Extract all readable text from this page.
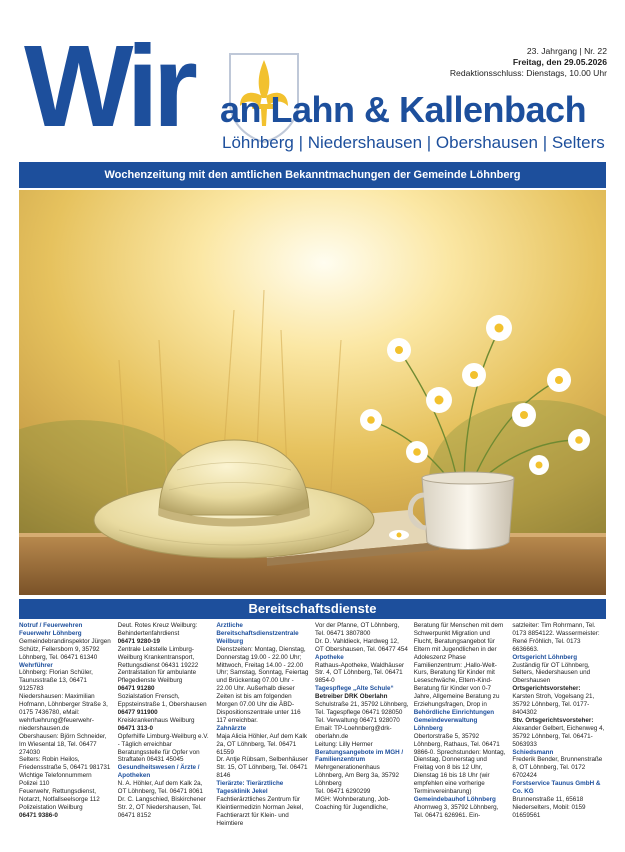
Wir an Lahn & Kallenbach
Löhnberg | Niedershausen | Obershausen | Selters
23. Jahrgang | Nr. 22
Freitag, den 29.05.2026
Redaktionsschluss: Dienstags, 10.00 Uhr
Wochenzeitung mit den amtlichen Bekanntmachungen der Gemeinde Löhnberg
Bereitschaftsdienste

Notruf / Feuerwehren

Feuerwehr Löhnberg

Gemeindebrandinspektor Jürgen Schütz, Fellersborn 9, 35792 Löhnberg, Tel. 06471 61340

Wehrführer

Löhnberg: Florian Schüler, Taunusstraße 13, 06471 9125783

Niedershausen: Maximilian Hofmann, Löhnberger Straße 3, 0175 7436780, eMail: wehrfuehrung@feuerwehr-niedershausen.de

Obershausen: Björn Schneider, Im Wiesental 18, Tel. 06477 274030

Selters: Robin Heilos, Friedensstraße 5, 06471 981731

Wichtige Telefonnummern

Polizei 110

Feuerwehr, Rettungsdienst, Notarzt, Notfallseelsorge 112

Polizeistation Weilburg

06471 9386-0

Deut. Rotes Kreuz Weilburg: Behindertenfahrdienst

06471 9280-19

Zentrale Leitstelle Limburg-Weilburg Krankentransport, Rettungsdienst 06431 19222

Zentralstation für ambulante Pflegedienste Weilburg

06471 91280

Sozialstation Frensch, Eppsteinstraße 1, Obershausen

06477 911900

Kreiskrankenhaus Weilburg

06471 313-0

Opferhilfe Limburg-Weilburg e.V. - Täglich erreichbar Beratungsstelle für Opfer von Straftaten 06431 45045

Gesundheitswesen / Ärzte / Apotheken

N. A. Höhler, Auf dem Kalk 2a, OT Löhnberg, Tel. 06471 8061

Dr. C. Langschied, Biskirchener Str. 2, OT Niedershausen, Tel. 06471 8152

Ärztliche Bereitschaftsdienstzentrale Weilburg

Dienstzeiten: Montag, Dienstag, Donnerstag 19.00 - 22.00 Uhr; Mittwoch, Freitag 14.00 - 22.00 Uhr; Samstag, Sonntag, Feiertag und Brückentag 07.00 Uhr - 22.00 Uhr. Außerhalb dieser Zeiten ist bis am folgenden Morgen 07.00 Uhr die ÄBD-Dispositionszentrale unter 116 117 erreichbar.

Zahnärzte

Maja Alicia Höhler, Auf dem Kalk 2a, OT Löhnberg, Tel. 06471 61559

Dr. Antje Rübsam, Selbenhäuser Str. 15, OT Löhnberg, Tel. 06471 8146

Tierärzte: Tierärztliche Tagesklinik Jekel

Fachtierärztliches Zentrum für Kleintiermedizin Norman Jekel, Fachtierarzt für Klein- und Heimtiere

Vor der Pfanne, OT Löhnberg, Tel. 06471 3807800

Dr. D. Vahldieck, Hardweg 12, OT Obershausen, Tel. 06477 454

Apotheke

Rathaus-Apotheke, Waldhäuser Str. 4, OT Löhnberg, Tel. 06471 9854-0

Tagespflege „Alte Schule“

Betreiber DRK Oberlahn

Schulstraße 21, 35792 Löhnberg, Tel. Tagespflege 06471 928050 Tel. Verwaltung 06471 928070 Email: TP-Loehnberg@drk-oberlahn.de

Leitung: Lilly Hermer

Beratungsangebote im MGH / Familienzentrum

Mehrgenerationenhaus Löhnberg, Am Berg 3a, 35792 Löhnberg

Tel. 06471 6290299

MGH: Wohnberatung, Job-Coaching für Jugendliche,

Beratung für Menschen mit dem Schwerpunkt Migration und Flucht, Beratungsangebot für Eltern mit Jugendlichen in der Adoleszenz Phase

Familienzentrum: „Hallo-Welt-Kurs, Beratung für Kinder mit Leseschwäche, Eltern-Kind-Beratung für Kinder von 0-7 Jahre, Allgemeine Beratung zu Erziehungsfragen, Drop in

Behördliche Einrichtungen

Gemeindeverwaltung Löhnberg

Obertorstraße 5, 35792 Löhnberg, Rathaus, Tel. 06471 9866-0. Sprechstunden: Montag, Dienstag, Donnerstag und Freitag von 8 bis 12 Uhr, Dienstag 16 bis 18 Uhr (wir empfehlen eine vorherige Terminvereinbarung)

Gemeindebauhof Löhnberg

Ahornweg 3, 35792 Löhnberg, Tel. 06471 626961. Ein-

satzleiter: Tim Rohrmann, Tel. 0173 8854122. Wassermeister: René Fröhlich, Tel. 0173 6636663.

Ortsgericht Löhnberg

Zuständig für OT Löhnberg, Selters, Niedershausen und Obershausen

Ortsgerichtsvorsteher:

Karsten Stroh, Vogelsang 21, 35792 Löhnberg, Tel. 0177-8404302

Stv. Ortsgerichtsvorsteher:

Alexander Gelbert, Eichenweg 4, 35792 Löhnberg, Tel. 06471-5063933

Schiedsmann

Frederik Bender, Brunnenstraße 8, OT Löhnberg, Tel. 0172 6702424

Forstservice Taunus GmbH & Co. KG

Brunnenstraße 11, 65618 Niederselters, Mobil: 0159 01659561
